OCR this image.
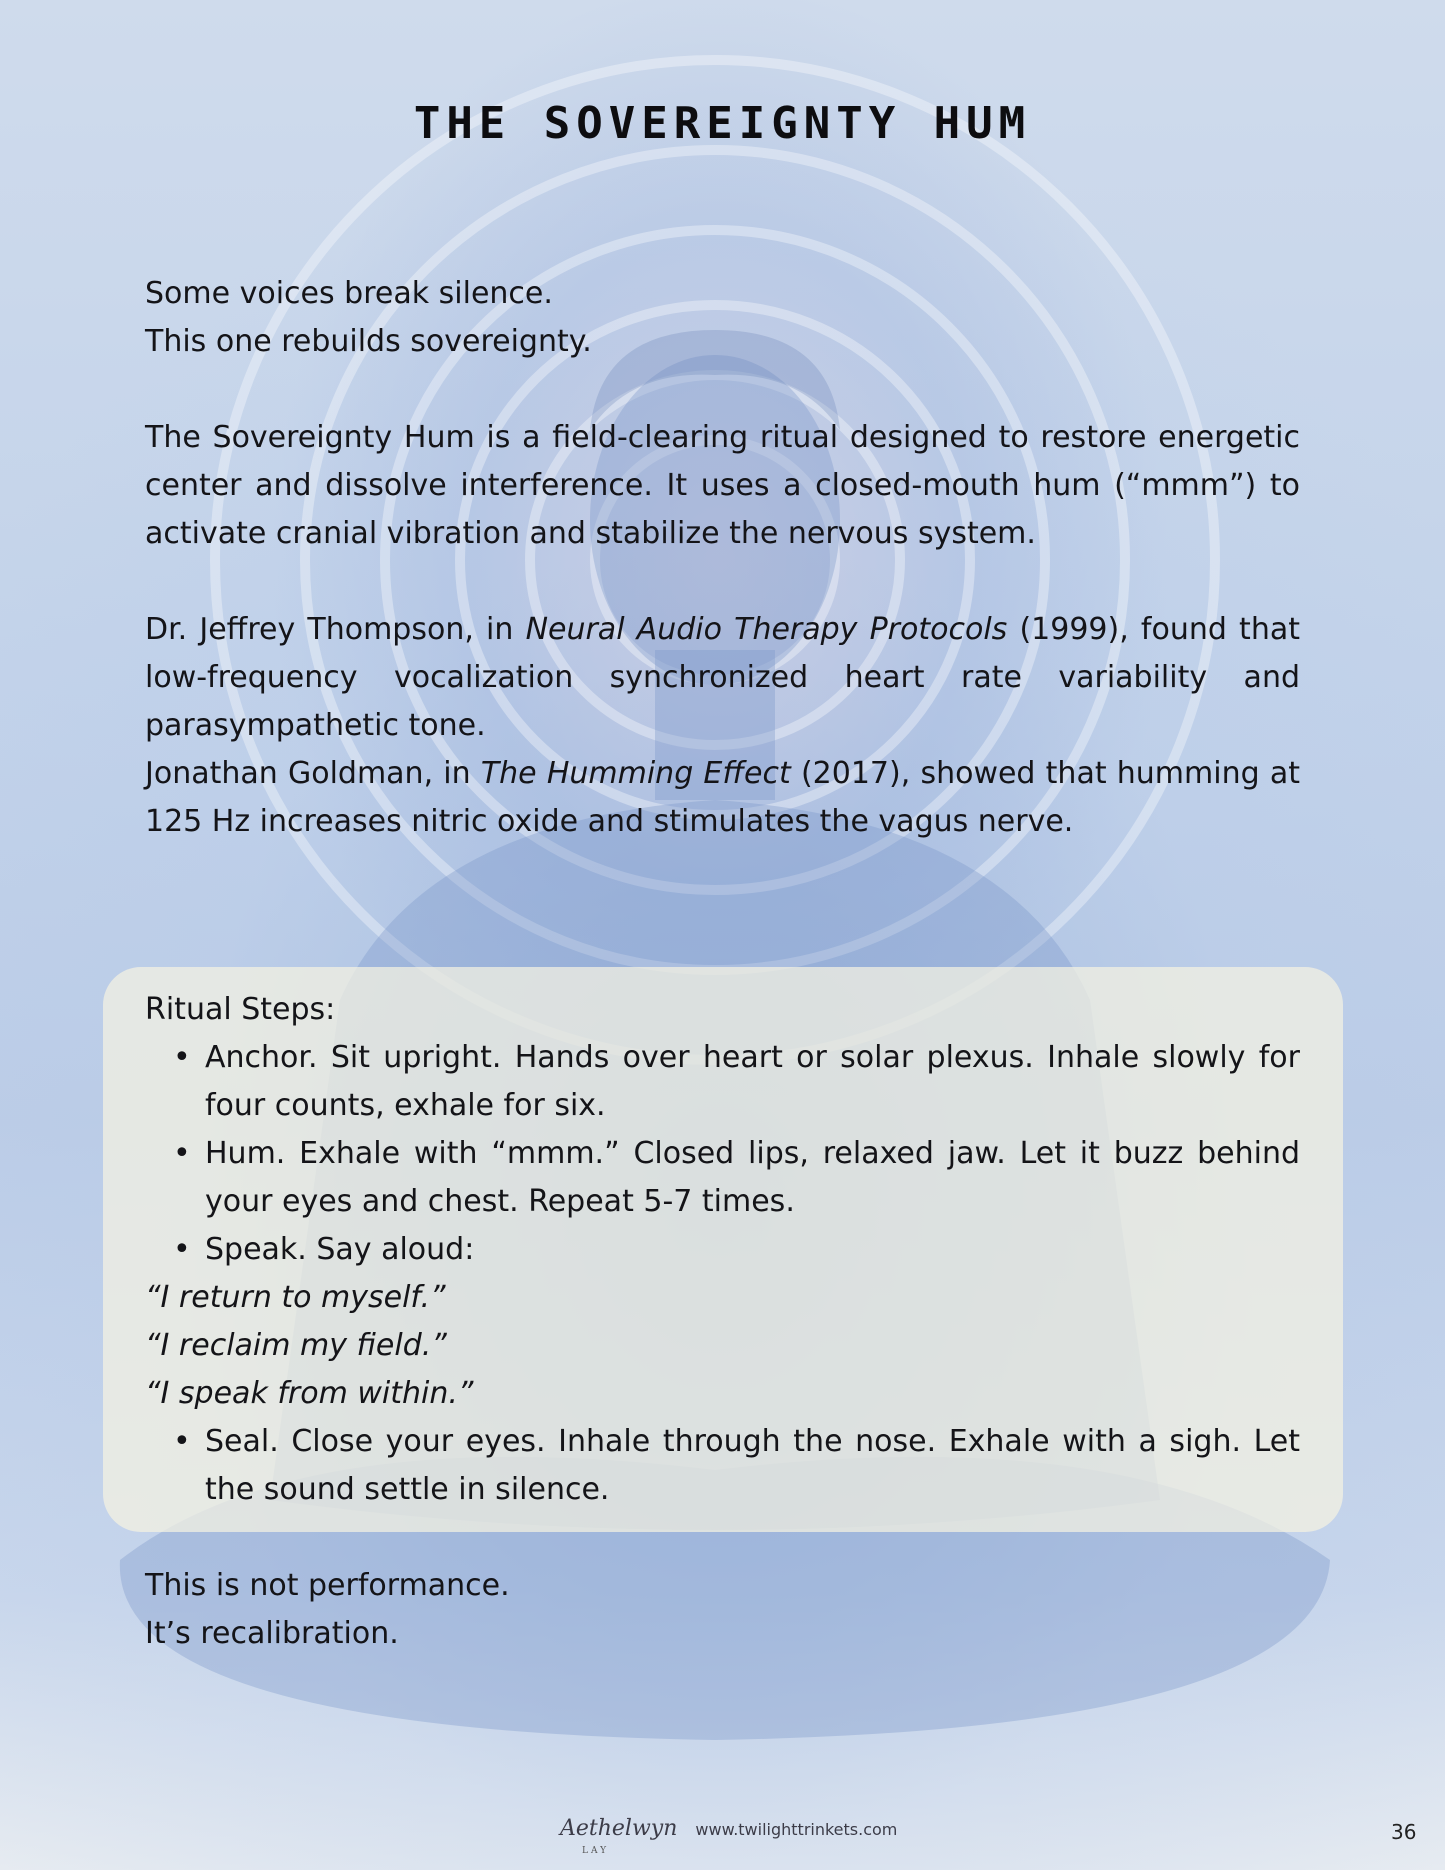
THE SOVEREIGNTY HUM

Some voices break silence.

This one rebuilds sovereignty.

The Sovereignty Hum is a field-clearing ritual designed to restore energetic center and dissolve interference. It uses a closed-mouth hum (“mmm”) to activate cranial vibration and stabilize the nervous system.

Dr. Jeffrey Thompson, in Neural Audio Therapy Protocols (1999), found that low-frequency vocalization synchronized heart rate variability and parasympathetic tone.

Jonathan Goldman, in The Humming Effect (2017), showed that humming at 125 Hz increases nitric oxide and stimulates the vagus nerve.

Ritual Steps:

• Anchor. Sit upright. Hands over heart or solar plexus. Inhale slowly for four counts, exhale for six.
• Hum. Exhale with “mmm.” Closed lips, relaxed jaw. Let it buzz behind your eyes and chest. Repeat 5-7 times.
• Speak. Say aloud:

“I return to myself.”

“I reclaim my field.”

“I speak from within.”

• Seal. Close your eyes. Inhale through the nose. Exhale with a sigh. Let the sound settle in silence.

This is not performance.

It’s recalibration.

Aethelwyn
LAY
www.twilighttrinkets.com	36
